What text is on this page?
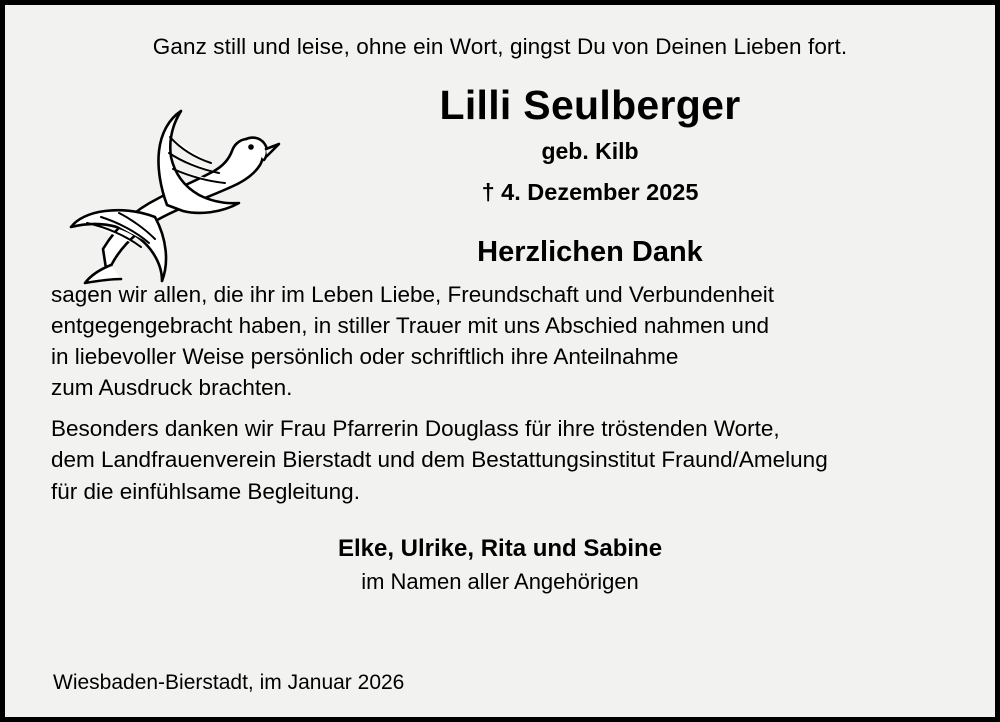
Ganz still und leise, ohne ein Wort, gingst Du von Deinen Lieben fort.
Lilli Seulberger
geb. Kilb
† 4. Dezember 2025
Herzlichen Dank

sagen wir allen, die ihr im Leben Liebe, Freundschaft und Verbundenheit

entgegengebracht haben, in stiller Trauer mit uns Abschied nahmen und

in liebevoller Weise persönlich oder schriftlich ihre Anteilnahme

zum Ausdruck brachten.

Besonders danken wir Frau Pfarrerin Douglass für ihre tröstenden Worte,

dem Landfrauenverein Bierstadt und dem Bestattungsinstitut Fraund/Amelung

für die einfühlsame Begleitung.

Elke, Ulrike, Rita und Sabine
im Namen aller Angehörigen
Wiesbaden-Bierstadt, im Januar 2026
